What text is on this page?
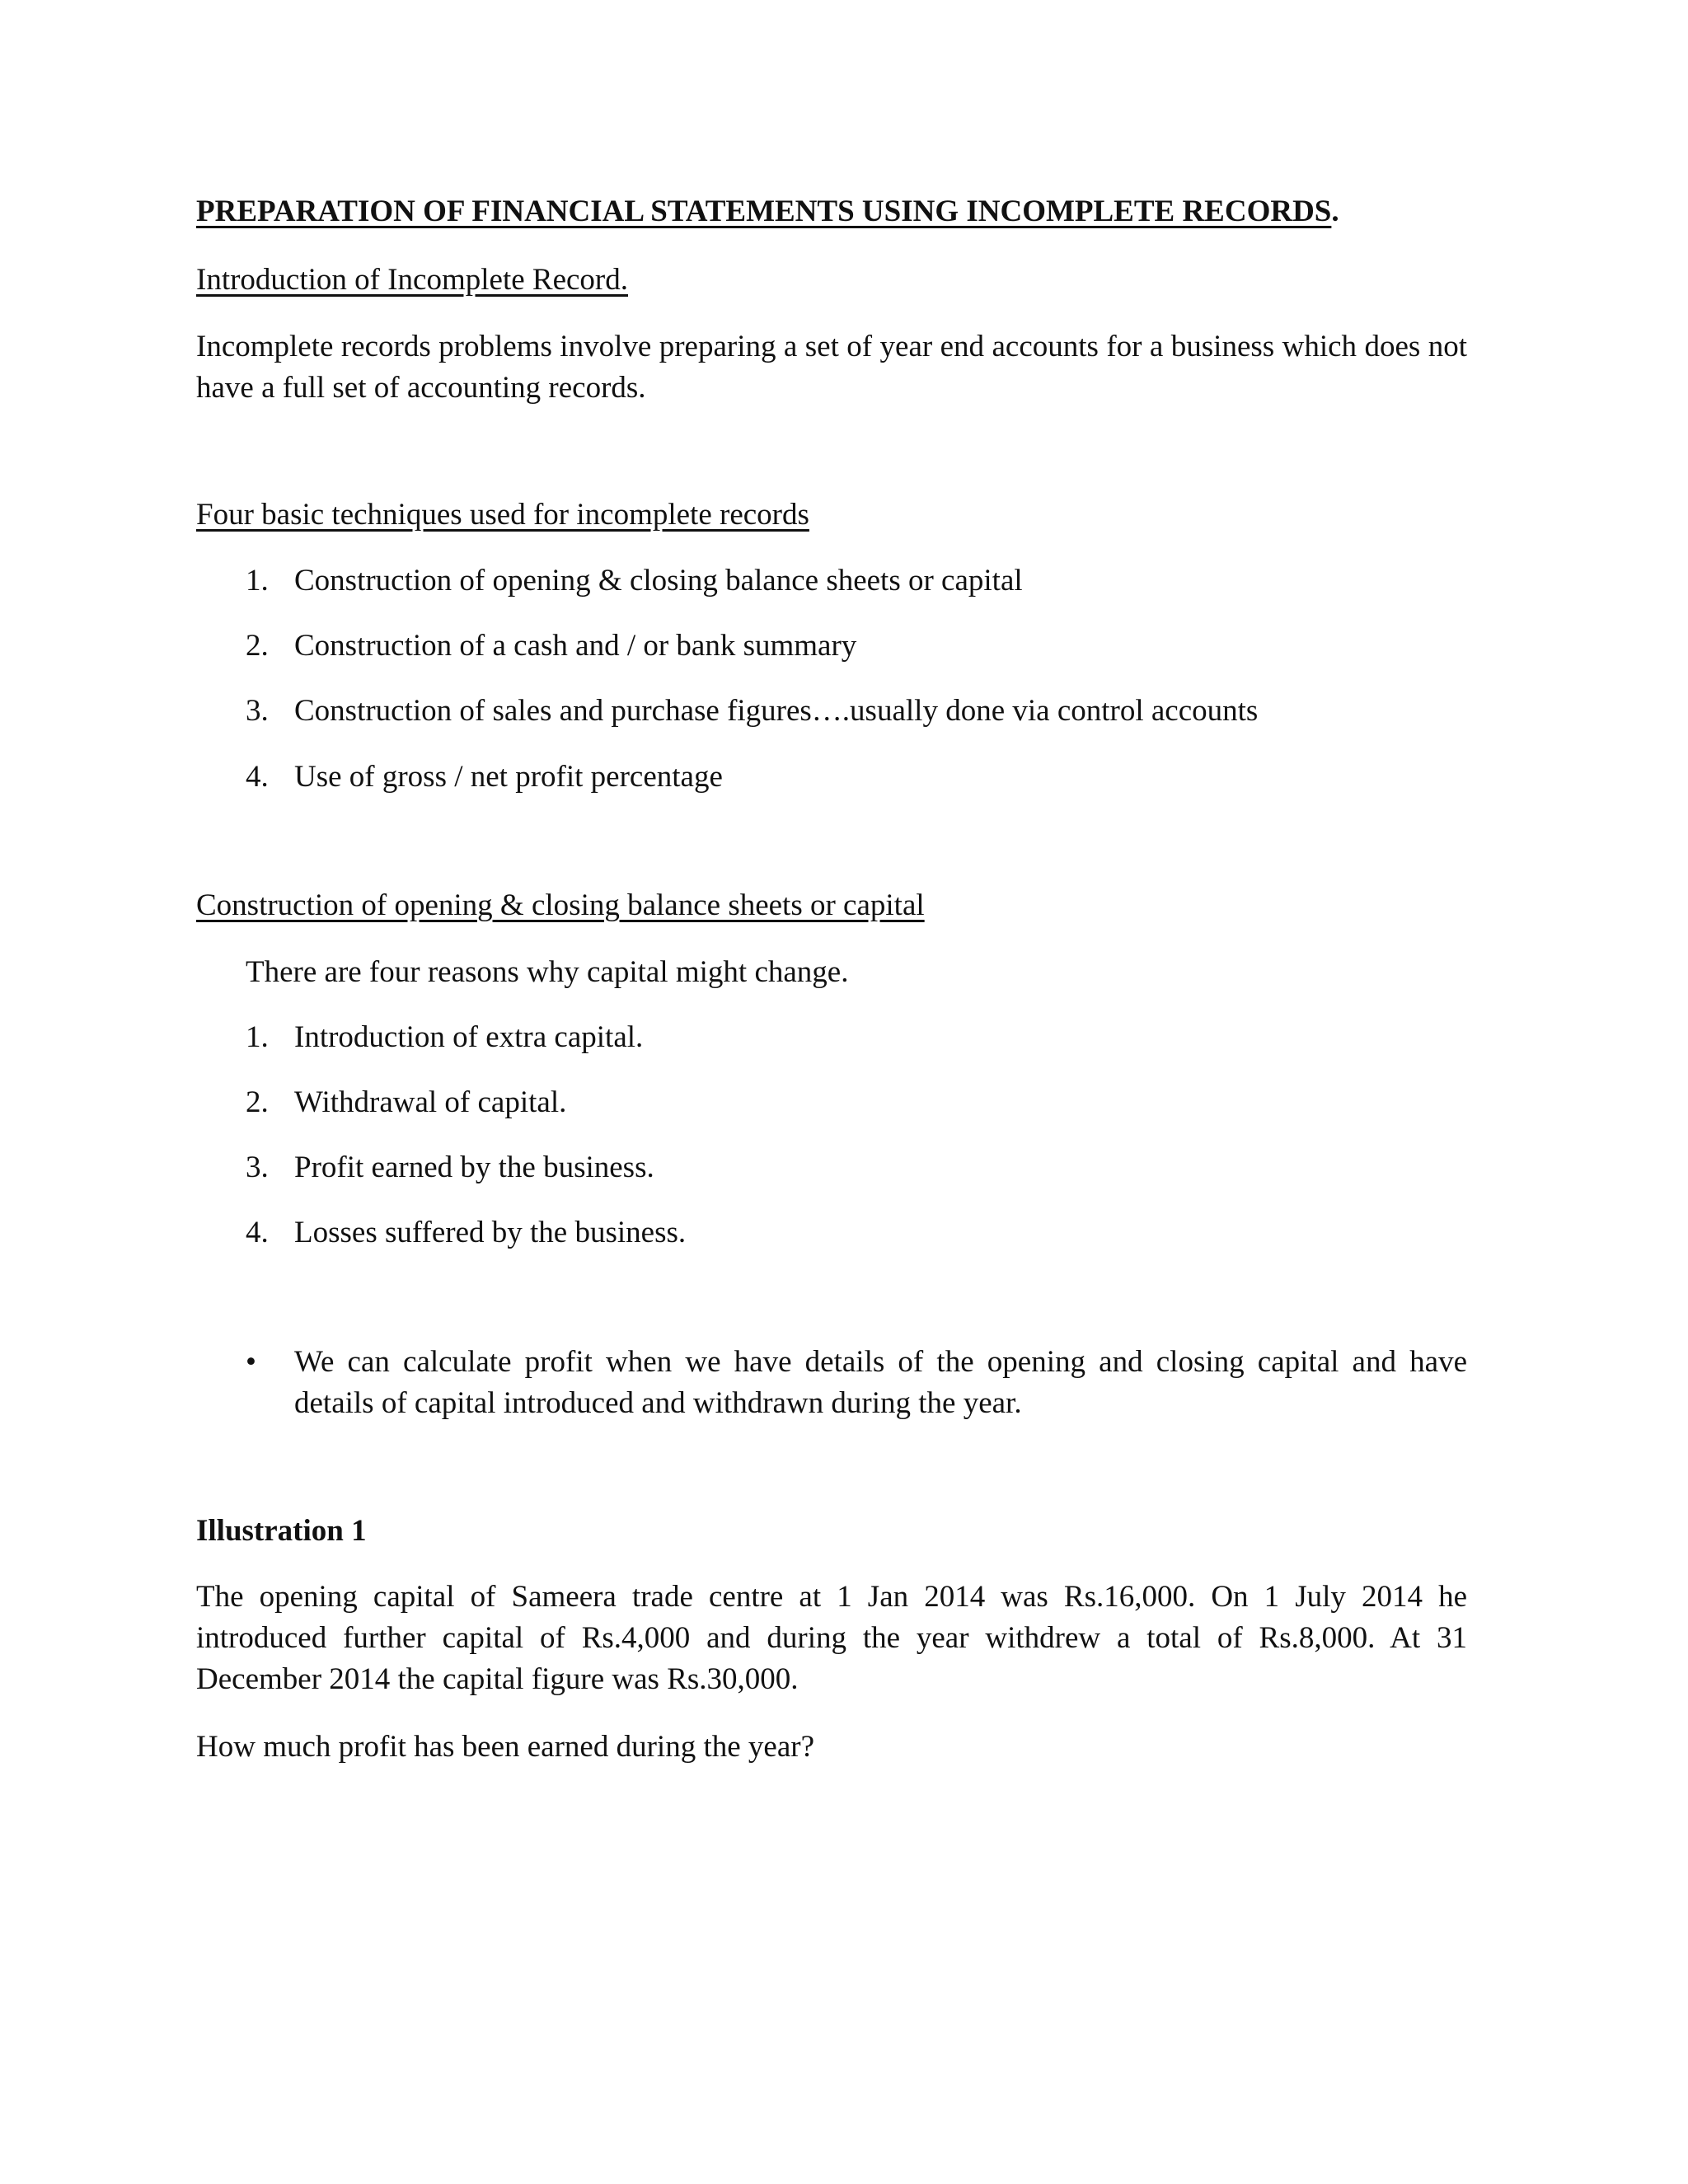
PREPARATION OF FINANCIAL STATEMENTS USING INCOMPLETE RECORDS.
Introduction of Incomplete Record.

Incomplete records problems involve preparing a set of year end accounts for a business which does not have a full set of accounting records.

Four basic techniques used for incomplete records
1. Construction of opening & closing balance sheets or capital
2. Construction of a cash and / or bank summary
3. Construction of sales and purchase figures….usually done via control accounts
4. Use of gross / net profit percentage
Construction of opening & closing balance sheets or capital
There are four reasons why capital might change.
1. Introduction of extra capital.
2. Withdrawal of capital.
3. Profit earned by the business.
4. Losses suffered by the business.
• We can calculate profit when we have details of the opening and closing capital and have details of capital introduced and withdrawn during the year.

Illustration 1

The opening capital of Sameera trade centre at 1 Jan 2014 was Rs.16,000. On 1 July 2014 he introduced further capital of Rs.4,000 and during the year withdrew a total of Rs.8,000. At 31 December 2014 the capital figure was Rs.30,000.

How much profit has been earned during the year?
